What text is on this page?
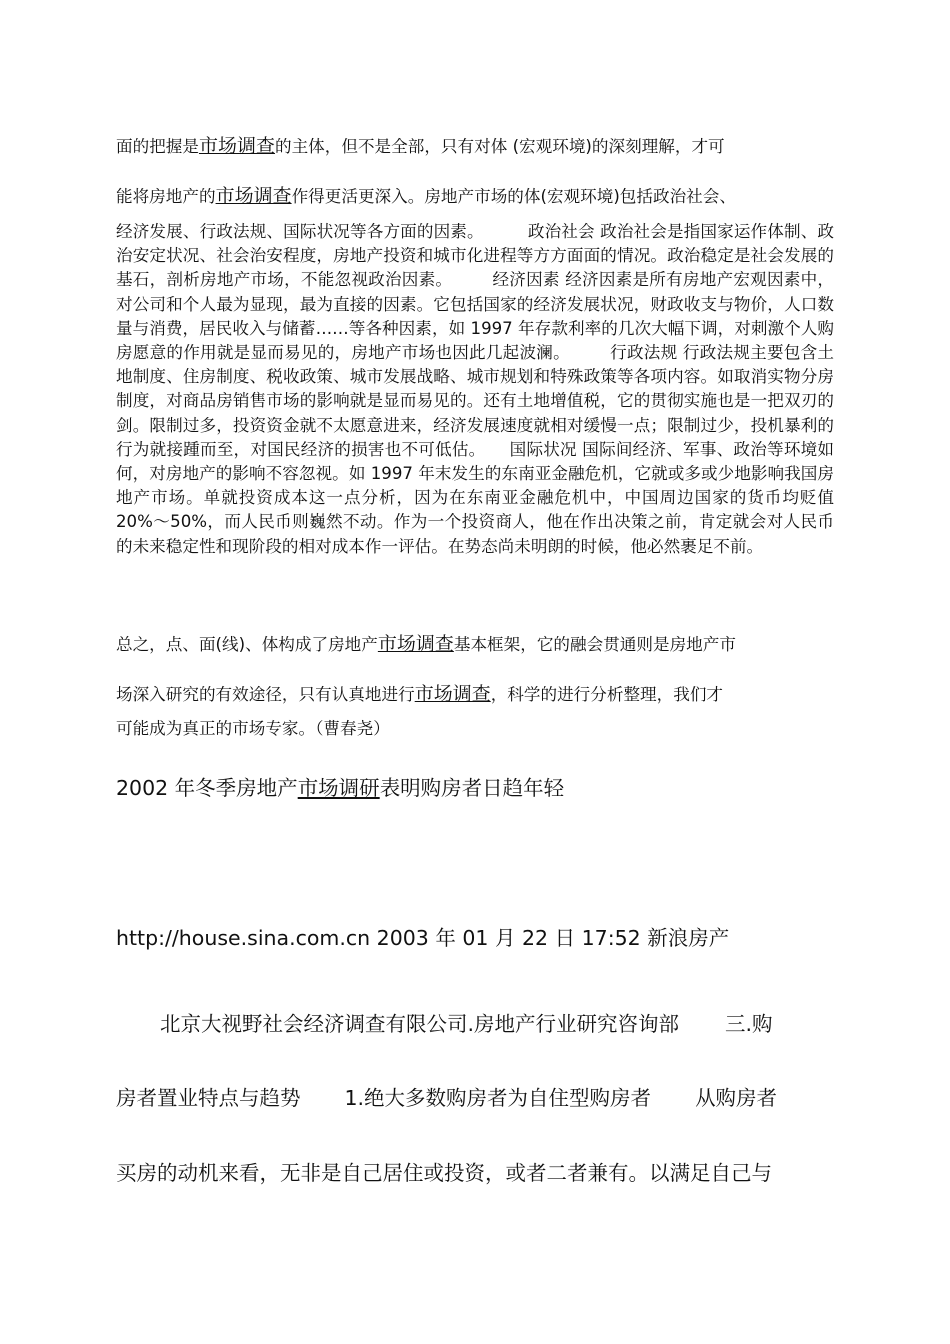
面的把握是市场调查的主体，但不是全部，只有对体 (宏观环境)的深刻理解，才可
能将房地产的市场调查作得更活更深入。房地产市场的体(宏观环境)包括政治社会、
经济发展、行政法规、国际状况等各方面的因素。	政治社会 政治社会是指国家运作体制、政治安定状况、社会治安程度，房地产投资和城市化进程等方方面面的情况。政治稳定是社会发展的基石，剖析房地产市场，不能忽视政治因素。 经济因素 经济因素是所有房地产宏观因素中，对公司和个人最为显现，最为直接的因素。它包括国家的经济发展状况，财政收支与物价，人口数量与消费，居民收入与储蓄……等各种因素，如 1997 年存款利率的几次大幅下调，对刺激个人购房愿意的作用就是显而易见的，房地产市场也因此几起波澜。 行政法规 行政法规主要包含土地制度、住房制度、税收政策、城市发展战略、城市规划和特殊政策等各项内容。如取消实物分房制度，对商品房销售市场的影响就是显而易见的。还有土地增值税，它的贯彻实施也是一把双刃的剑。限制过多，投资资金就不太愿意进来，经济发展速度就相对缓慢一点；限制过少，投机暴利的行为就接踵而至，对国民经济的损害也不可低估。 国际状况 国际间经济、军事、政治等环境如何，对房地产的影响不容忽视。如 1997 年末发生的东南亚金融危机，它就或多或少地影响我国房地产市场。单就投资成本这一点分析，因为在东南亚金融危机中，中国周边国家的货币均贬值 20%～50%，而人民币则巍然不动。作为一个投资商人，他在作出决策之前，肯定就会对人民币的未来稳定性和现阶段的相对成本作一评估。在势态尚未明朗的时候，他必然裹足不前。
总之，点、面(线)、体构成了房地产市场调查基本框架，它的融会贯通则是房地产市
场深入研究的有效途径，只有认真地进行市场调查，科学的进行分析整理，我们才
可能成为真正的市场专家。（曹春尧）
2002 年冬季房地产市场调研表明购房者日趋年轻
http://house.sina.com.cn 2003 年 01 月 22 日 17:52 新浪房产
北京大视野社会经济调查有限公司.房地产行业研究咨询部 三.购
房者置业特点与趋势 1.绝大多数购房者为自住型购房者 从购房者
买房的动机来看，无非是自己居住或投资，或者二者兼有。以满足自己与
